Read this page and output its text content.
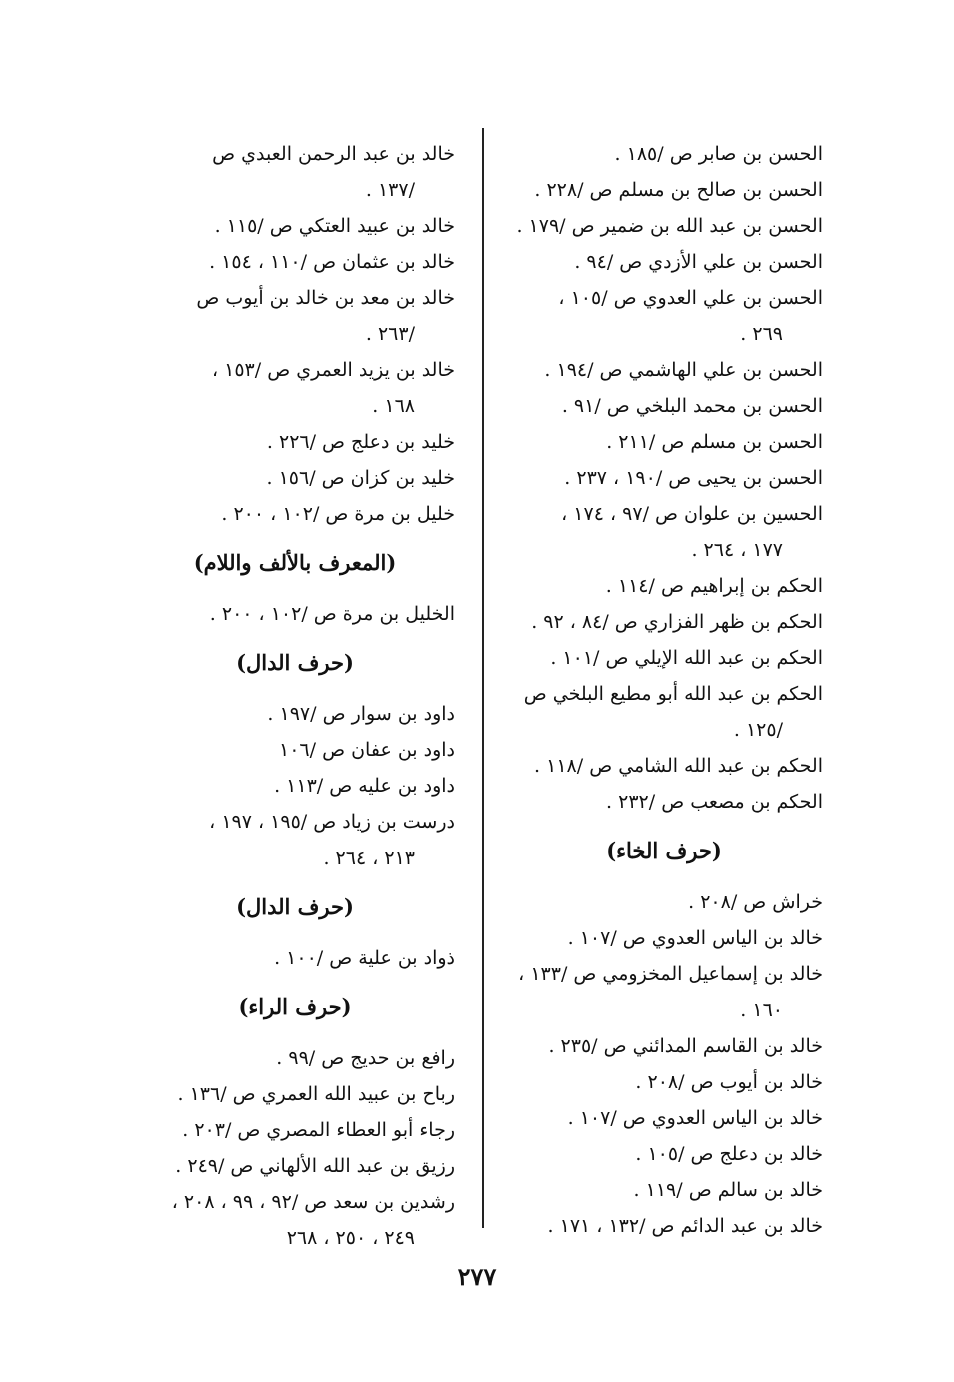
الحسن بن صابر ص /١٨٥ .
الحسن بن صالح بن مسلم ص /٢٢٨ .
الحسن بن عبد الله بن ضمير ص /١٧٩ .
الحسن بن علي الأزدي ص /٩٤ .
الحسن بن علي العدوي ص /١٠٥ ،
٢٦٩ .
الحسن بن علي الهاشمي ص /١٩٤ .
الحسن بن محمد البلخي ص /٩١ .
الحسن بن مسلم ص /٢١١ .
الحسن بن يحيى ص /١٩٠ ، ٢٣٧ .
الحسين بن علوان ص /٩٧ ، ١٧٤ ،
١٧٧ ، ٢٦٤ .
الحكم بن إبراهيم ص /١١٤ .
الحكم بن ظهر الفزاري ص /٨٤ ، ٩٢ .
الحكم بن عبد الله الإيلي ص /١٠١ .
الحكم بن عبد الله أبو مطيع البلخي ص
/١٢٥ .
الحكم بن عبد الله الشامي ص /١١٨ .
الحكم بن مصعب ص /٢٣٢ .
(حرف الخاء)
خراش ص /٢٠٨ .
خالد بن الياس العدوي ص /١٠٧ .
خالد بن إسماعيل المخزومي ص /١٣٣ ،
١٦٠ .
خالد بن القاسم المدائني ص /٢٣٥ .
خالد بن أيوب ص /٢٠٨ .
خالد بن الياس العدوي ص /١٠٧ .
خالد بن دعلج ص /١٠٥ .
خالد بن سالم ص /١١٩ .
خالد بن عبد الدائم ص /١٣٢ ، ١٧١ .
خالد بن عبد الرحمن العبدي ص
/١٣٧ .
خالد بن عبيد العتكي ص /١١٥ .
خالد بن عثمان ص /١١٠ ، ١٥٤ .
خالد بن معد بن خالد بن أيوب ص
/٢٦٣ .
خالد بن يزيد العمري ص /١٥٣ ،
١٦٨ .
خليد بن دعلج ص /٢٢٦ .
خليد بن كزان ص /١٥٦ .
خليل بن مرة ص /١٠٢ ، ٢٠٠ .
(المعرف بالألف واللام)
الخليل بن مرة ص /١٠٢ ، ٢٠٠ .
(حرف الدال)
داود بن سوار ص /١٩٧ .
داود بن عفان ص /١٠٦
داود بن عليه ص /١١٣ .
درست بن زياد ص /١٩٥ ، ١٩٧ ،
٢١٣ ، ٢٦٤ .
(حرف الدال)
ذواد بن علية ص /١٠٠ .
(حرف الراء)
رافع بن حديج ص /٩٩ .
رباح بن عبيد الله العمري ص /١٣٦ .
رجاء أبو العطاء المصري ص /٢٠٣ .
رزيق بن عبد الله الألهاني ص /٢٤٩ .
رشدين بن سعد ص /٩٢ ، ٩٩ ، ٢٠٨ ،
٢٤٩ ، ٢٥٠ ، ٢٦٨
٢٧٧
